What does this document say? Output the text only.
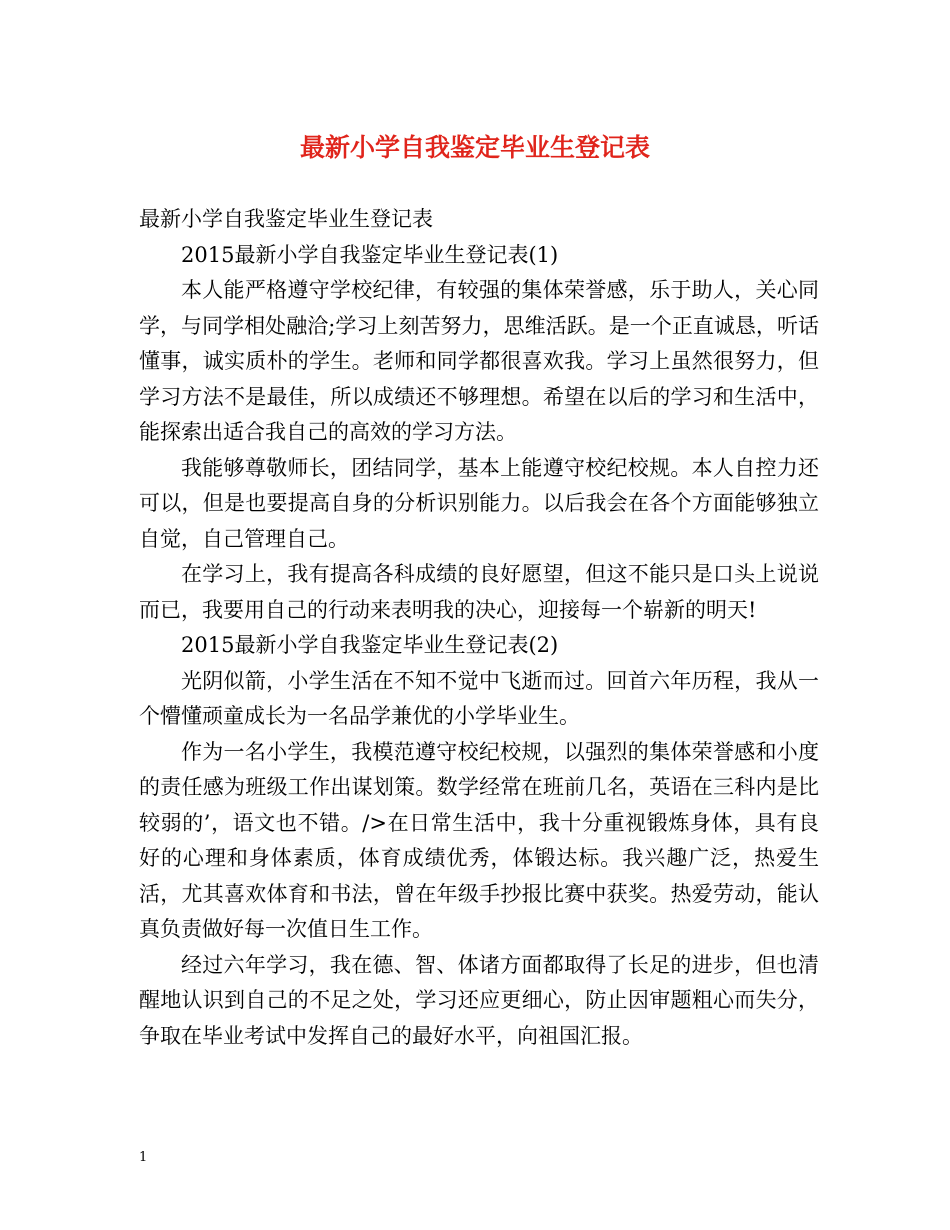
最新小学自我鉴定毕业生登记表

最新小学自我鉴定毕业生登记表

2015最新小学自我鉴定毕业生登记表(1)

本人能严格遵守学校纪律，有较强的集体荣誉感，乐于助人，关心同学，与同学相处融洽;学习上刻苦努力，思维活跃。是一个正直诚恳，听话懂事，诚实质朴的学生。老师和同学都很喜欢我。学习上虽然很努力，但学习方法不是最佳，所以成绩还不够理想。希望在以后的学习和生活中，能探索出适合我自己的高效的学习方法。

我能够尊敬师长，团结同学，基本上能遵守校纪校规。本人自控力还可以，但是也要提高自身的分析识别能力。以后我会在各个方面能够独立自觉，自己管理自己。

在学习上，我有提高各科成绩的良好愿望，但这不能只是口头上说说而已，我要用自己的行动来表明我的决心，迎接每一个崭新的明天!

2015最新小学自我鉴定毕业生登记表(2)

光阴似箭，小学生活在不知不觉中飞逝而过。回首六年历程，我从一个懵懂顽童成长为一名品学兼优的小学毕业生。

作为一名小学生，我模范遵守校纪校规，以强烈的集体荣誉感和小度的责任感为班级工作出谋划策。数学经常在班前几名，英语在三科内是比较弱的’，语文也不错。/>在日常生活中，我十分重视锻炼身体，具有良好的心理和身体素质，体育成绩优秀，体锻达标。我兴趣广泛，热爱生活，尤其喜欢体育和书法，曾在年级手抄报比赛中获奖。热爱劳动，能认真负责做好每一次值日生工作。

经过六年学习，我在德、智、体诸方面都取得了长足的进步，但也清醒地认识到自己的不足之处，学习还应更细心，防止因审题粗心而失分，争取在毕业考试中发挥自己的最好水平，向祖国汇报。

1
